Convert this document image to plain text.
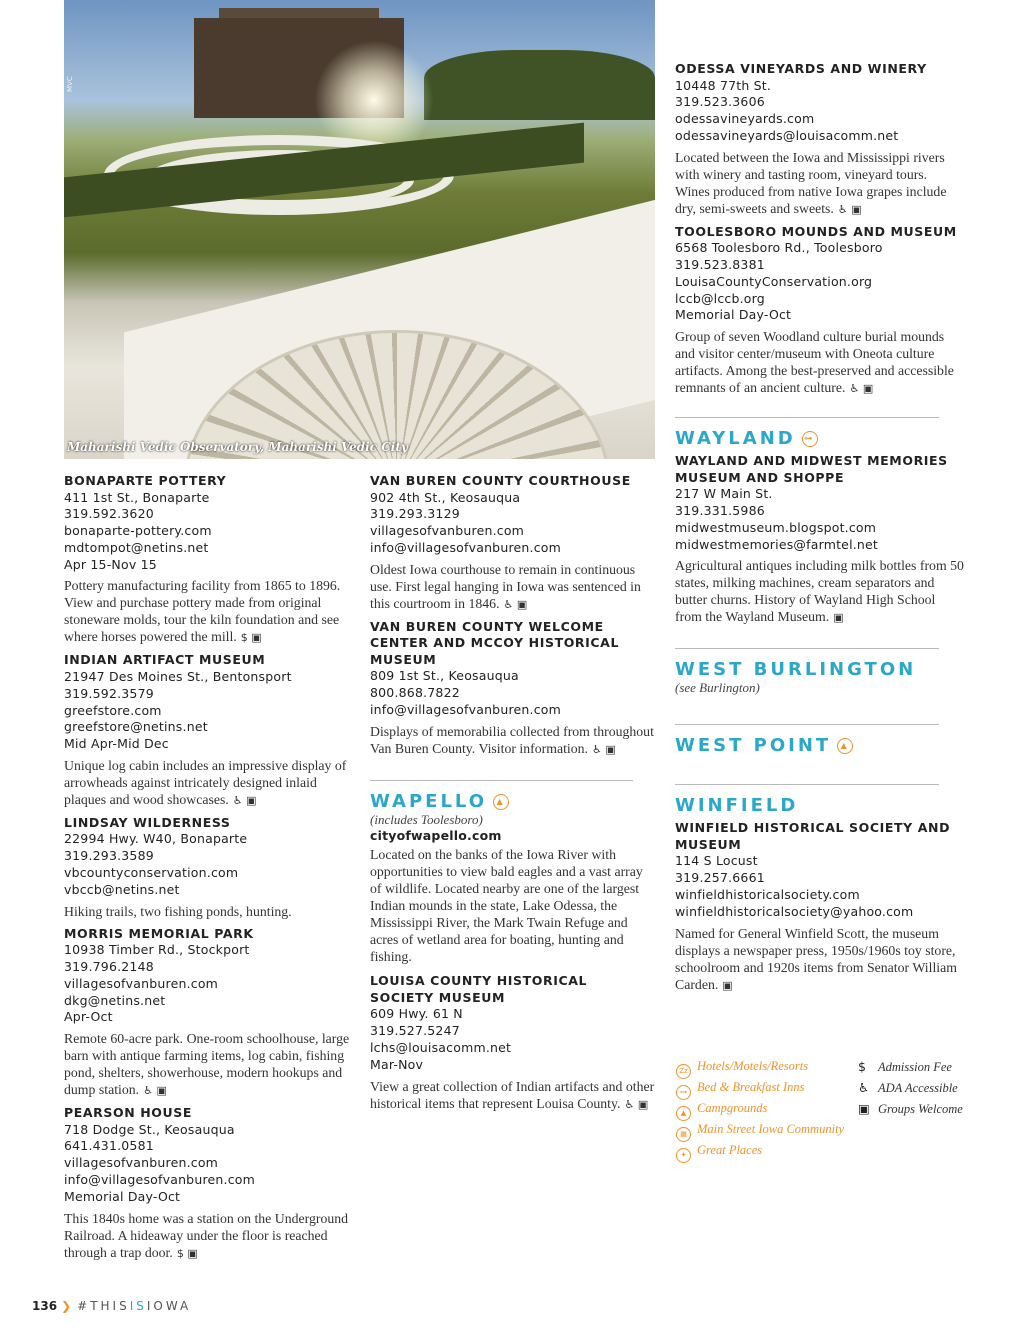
Maharishi Vedic Observatory, Maharishi Vedic City
MVC
BONAPARTE POTTERY
411 1st St., Bonaparte
319.592.3620
bonaparte-pottery.com
mdtompot@netins.net
Apr 15-Nov 15
Pottery manufacturing facility from 1865 to 1896. View and purchase pottery made from original stoneware molds, tour the kiln foundation and see where horses powered the mill. $ ▣
INDIAN ARTIFACT MUSEUM
21947 Des Moines St., Bentonsport
319.592.3579
greefstore.com
greefstore@netins.net
Mid Apr-Mid Dec
Unique log cabin includes an impressive display of arrowheads against intricately designed inlaid plaques and wood showcases. ♿ ▣
LINDSAY WILDERNESS
22994 Hwy. W40, Bonaparte
319.293.3589
vbcountyconservation.com
vbccb@netins.net
Hiking trails, two fishing ponds, hunting.
MORRIS MEMORIAL PARK
10938 Timber Rd., Stockport
319.796.2148
villagesofvanburen.com
dkg@netins.net
Apr-Oct
Remote 60-acre park. One-room schoolhouse, large barn with antique farming items, log cabin, fishing pond, shelters, showerhouse, modern hookups and dump station. ♿ ▣
PEARSON HOUSE
718 Dodge St., Keosauqua
641.431.0581
villagesofvanburen.com
info@villagesofvanburen.com
Memorial Day-Oct
This 1840s home was a station on the Underground Railroad. A hideaway under the floor is reached through a trap door. $ ▣
VAN BUREN COUNTY COURTHOUSE
902 4th St., Keosauqua
319.293.3129
villagesofvanburen.com
info@villagesofvanburen.com
Oldest Iowa courthouse to remain in continuous use. First legal hanging in Iowa was sentenced in this courtroom in 1846. ♿ ▣
VAN BUREN COUNTY WELCOME CENTER AND MCCOY HISTORICAL MUSEUM
809 1st St., Keosauqua
800.868.7822
info@villagesofvanburen.com
Displays of memorabilia collected from throughout Van Buren County. Visitor information. ♿ ▣
WAPELLO ▲
(includes Toolesboro)
cityofwapello.com
Located on the banks of the Iowa River with opportunities to view bald eagles and a vast array of wildlife. Located nearby are one of the largest Indian mounds in the state, Lake Odessa, the Mississippi River, the Mark Twain Refuge and acres of wetland area for boating, hunting and fishing.
LOUISA COUNTY HISTORICAL SOCIETY MUSEUM
609 Hwy. 61 N
319.527.5247
lchs@louisacomm.net
Mar-Nov
View a great collection of Indian artifacts and other historical items that represent Louisa County. ♿ ▣
ODESSA VINEYARDS AND WINERY
10448 77th St.
319.523.3606
odessavineyards.com
odessavineyards@louisacomm.net
Located between the Iowa and Mississippi rivers with winery and tasting room, vineyard tours. Wines produced from native Iowa grapes include dry, semi-sweets and sweets. ♿ ▣
TOOLESBORO MOUNDS AND MUSEUM
6568 Toolesboro Rd., Toolesboro
319.523.8381
LouisaCountyConservation.org
lccb@lccb.org
Memorial Day-Oct
Group of seven Woodland culture burial mounds and visitor center/museum with Oneota culture artifacts. Among the best-preserved and accessible remnants of an ancient culture. ♿ ▣
WAYLAND ⊶
WAYLAND AND MIDWEST MEMORIES MUSEUM AND SHOPPE
217 W Main St.
319.331.5986
midwestmuseum.blogspot.com
midwestmemories@farmtel.net
Agricultural antiques including milk bottles from 50 states, milking machines, cream separators and butter churns. History of Wayland High School from the Wayland Museum. ▣
WEST BURLINGTON
(see Burlington)
WEST POINT ▲
WINFIELD
WINFIELD HISTORICAL SOCIETY AND MUSEUM
114 S Locust
319.257.6661
winfieldhistoricalsociety.com
winfieldhistoricalsociety@yahoo.com
Named for General Winfield Scott, the museum displays a newspaper press, 1950s/1960s toy store, schoolroom and 1920s items from Senator William Carden. ▣
Zz Hotels/Motels/Resorts
⊶ Bed & Breakfast Inns
▲ Campgrounds
▦ Main Street Iowa Community
✦ Great Places
$ Admission Fee
♿ ADA Accessible
▣ Groups Welcome
136 ❯ #THISISIOWA
